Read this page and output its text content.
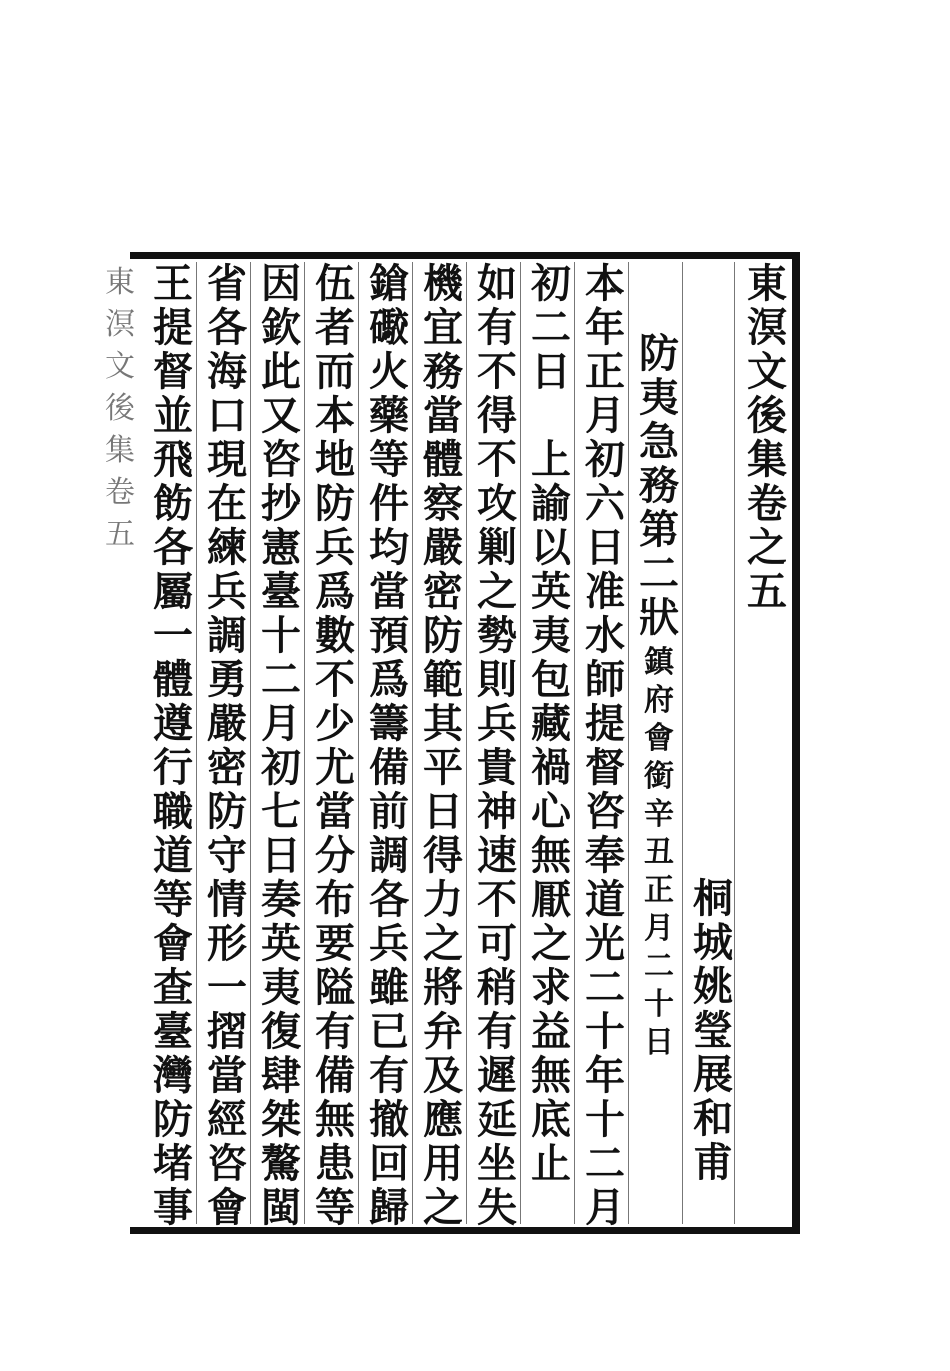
東
溟
文
後
集
卷
之
五
桐
城
姚
瑩
展
和
甫
防
夷
急
務
第
二
狀
鎮
府
會
銜
辛
丑
正
月
二
十
日
本
年
正
月
初
六
日
准
水
師
提
督
咨
奉
道
光
二
十
年
十
二
月
初
二
日

上
諭
以
英
夷
包
藏
禍
心
無
厭
之
求
益
無
底
止
如
有
不
得
不
攻
剿
之
勢
則
兵
貴
神
速
不
可
稍
有
遲
延
坐
失
機
宜
務
當
體
察
嚴
密
防
範
其
平
日
得
力
之
將
弁
及
應
用
之
鎗
礮
火
藥
等
件
均
當
預
爲
籌
備
前
調
各
兵
雖
已
有
撤
回
歸
伍
者
而
本
地
防
兵
爲
數
不
少
尤
當
分
布
要
隘
有
備
無
患
等
因
欽
此
又
咨
抄
憲
臺
十
二
月
初
七
日
奏
英
夷
復
肆
桀
驁
閩
省
各
海
口
現
在
練
兵
調
勇
嚴
密
防
守
情
形
一
摺
當
經
咨
會
王
提
督
並
飛
飭
各
屬
一
體
遵
行
職
道
等
會
查
臺
灣
防
堵
事
東
溟
文
後
集
卷
五
